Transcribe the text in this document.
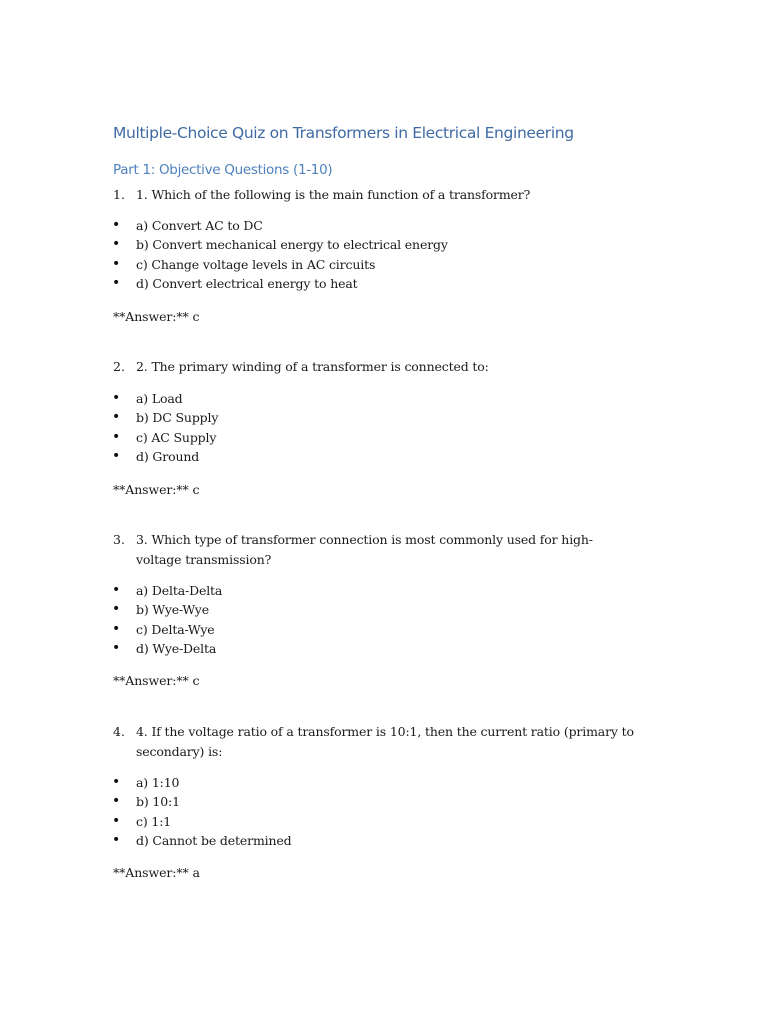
Multiple-Choice Quiz on Transformers in Electrical Engineering
Part 1: Objective Questions (1-10)
1. 1. Which of the following is the main function of a transformer?

• a) Convert AC to DC
• b) Convert mechanical energy to electrical energy
• c) Change voltage levels in AC circuits
• d) Convert electrical energy to heat

**Answer:** c

2. 2. The primary winding of a transformer is connected to:

• a) Load
• b) DC Supply
• c) AC Supply
• d) Ground

**Answer:** c

3. 3. Which type of transformer connection is most commonly used for high-voltage transmission?

• a) Delta-Delta
• b) Wye-Wye
• c) Delta-Wye
• d) Wye-Delta

**Answer:** c

4. 4. If the voltage ratio of a transformer is 10:1, then the current ratio (primary to secondary) is:

• a) 1:10
• b) 10:1
• c) 1:1
• d) Cannot be determined

**Answer:** a
